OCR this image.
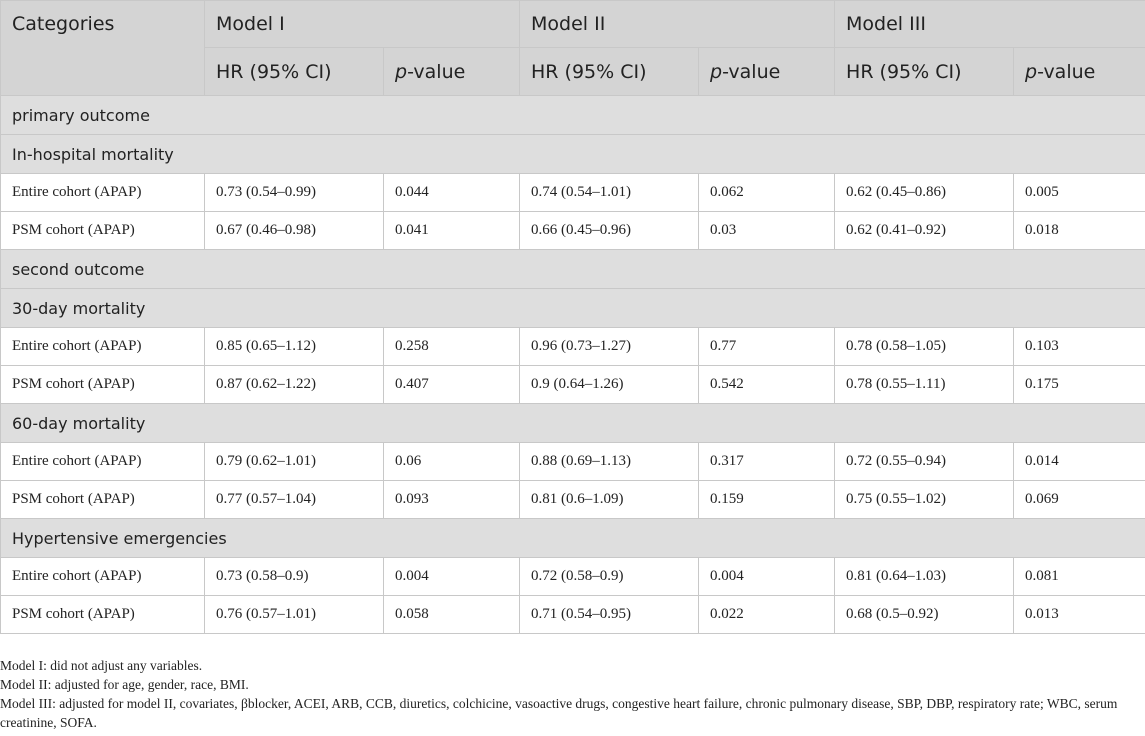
Categories	Model I		Model II		Model III	
	HR (95% CI)	p-value	HR (95% CI)	p-value	HR (95% CI)	p-value
primary outcome						
In-hospital mortality						
Entire cohort (APAP)	0.73 (0.54–0.99)	0.044	0.74 (0.54–1.01)	0.062	0.62 (0.45–0.86)	0.005
PSM cohort (APAP)	0.67 (0.46–0.98)	0.041	0.66 (0.45–0.96)	0.03	0.62 (0.41–0.92)	0.018
second outcome						
30-day mortality						
Entire cohort (APAP)	0.85 (0.65–1.12)	0.258	0.96 (0.73–1.27)	0.77	0.78 (0.58–1.05)	0.103
PSM cohort (APAP)	0.87 (0.62–1.22)	0.407	0.9 (0.64–1.26)	0.542	0.78 (0.55–1.11)	0.175
60-day mortality						
Entire cohort (APAP)	0.79 (0.62–1.01)	0.06	0.88 (0.69–1.13)	0.317	0.72 (0.55–0.94)	0.014
PSM cohort (APAP)	0.77 (0.57–1.04)	0.093	0.81 (0.6–1.09)	0.159	0.75 (0.55–1.02)	0.069
Hypertensive emergencies						
Entire cohort (APAP)	0.73 (0.58–0.9)	0.004	0.72 (0.58–0.9)	0.004	0.81 (0.64–1.03)	0.081
PSM cohort (APAP)	0.76 (0.57–1.01)	0.058	0.71 (0.54–0.95)	0.022	0.68 (0.5–0.92)	0.013

Model I: did not adjust any variables.

Model II: adjusted for age, gender, race, BMI.

Model III: adjusted for model II, covariates, βblocker, ACEI, ARB, CCB, diuretics, colchicine, vasoactive drugs, congestive heart failure, chronic pulmonary disease, SBP, DBP, respiratory rate; WBC, serum creatinine, SOFA.
